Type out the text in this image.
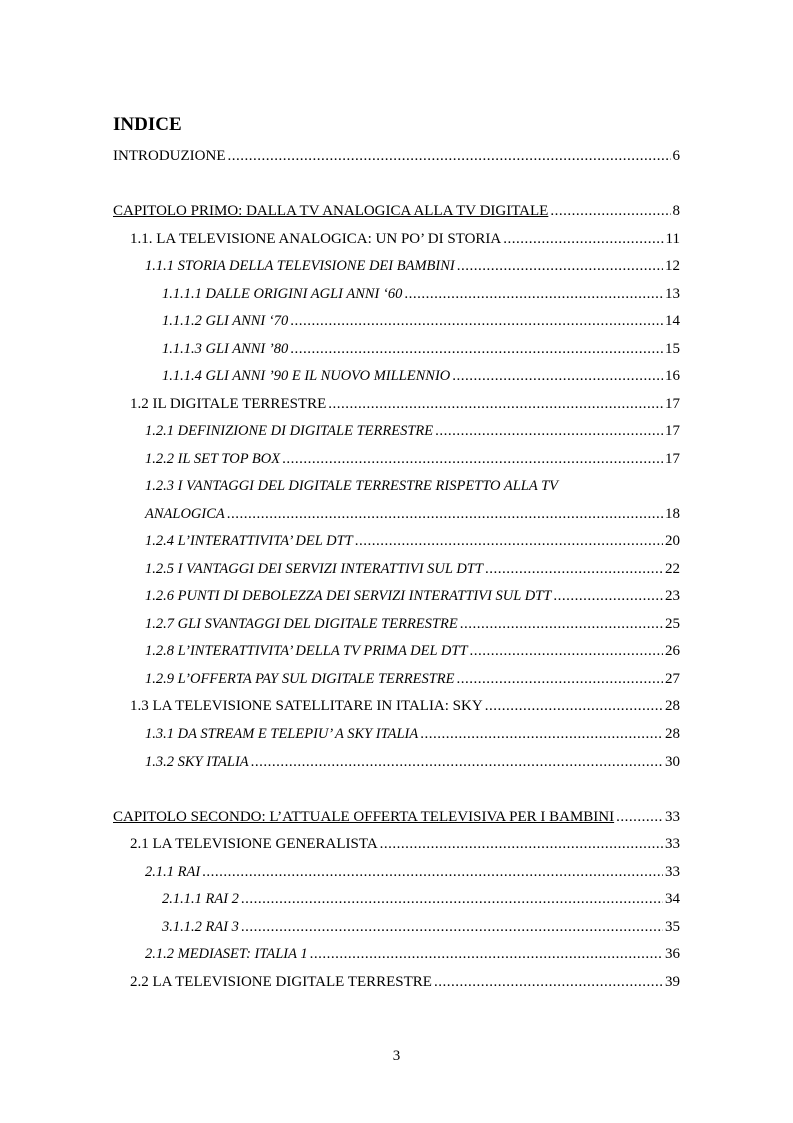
INDICE
INTRODUZIONE .....	6
CAPITOLO PRIMO: DALLA TV ANALOGICA ALLA TV DIGITALE .....	8
1.1. LA TELEVISIONE ANALOGICA: UN PO’ DI STORIA .....	11
1.1.1 STORIA DELLA TELEVISIONE DEI BAMBINI .....	12
1.1.1.1 DALLE ORIGINI AGLI ANNI ‘60 .....	13
1.1.1.2 GLI ANNI ‘70 .....	14
1.1.1.3 GLI ANNI ’80 .....	15
1.1.1.4 GLI ANNI ’90 E IL NUOVO MILLENNIO .....	16
1.2 IL DIGITALE TERRESTRE .....	17
1.2.1 DEFINIZIONE DI DIGITALE TERRESTRE .....	17
1.2.2 IL SET TOP BOX .....	17
1.2.3 I VANTAGGI DEL DIGITALE TERRESTRE RISPETTO ALLA TV
ANALOGICA .....	18
1.2.4 L’INTERATTIVITA’ DEL DTT .....	20
1.2.5 I VANTAGGI DEI SERVIZI INTERATTIVI SUL DTT .....	22
1.2.6 PUNTI DI DEBOLEZZA DEI SERVIZI INTERATTIVI SUL DTT .....	23
1.2.7 GLI SVANTAGGI DEL DIGITALE TERRESTRE .....	25
1.2.8 L’INTERATTIVITA’ DELLA TV PRIMA DEL DTT .....	26
1.2.9 L’OFFERTA PAY SUL DIGITALE TERRESTRE .....	27
1.3 LA TELEVISIONE SATELLITARE IN ITALIA: SKY .....	28
1.3.1 DA STREAM E TELEPIU’ A SKY ITALIA .....	28
1.3.2 SKY ITALIA .....	30
CAPITOLO SECONDO: L’ATTUALE OFFERTA TELEVISIVA PER I BAMBINI .....	33
2.1 LA TELEVISIONE GENERALISTA .....	33
2.1.1 RAI .....	33
2.1.1.1 RAI 2 .....	34
3.1.1.2 RAI 3 .....	35
2.1.2 MEDIASET: ITALIA 1 .....	36
2.2 LA TELEVISIONE DIGITALE TERRESTRE .....	39
3
